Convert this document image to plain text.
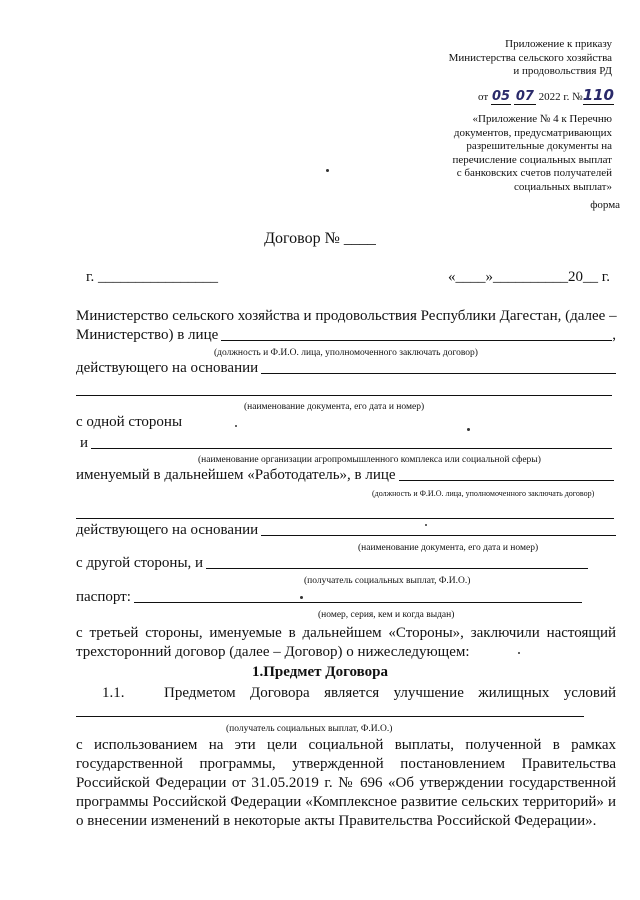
Приложение к приказу
Министерства сельского хозяйства
и продовольствия РД
от 05 07 2022 г. №110
«Приложение № 4 к Перечню
документов, предусматривающих
разрешительные документы на
перечисление социальных выплат
с банковских счетов получателей
социальных выплат»
форма
Договор № ____
г. ________________	«____»__________20__ г.
Министерство сельского хозяйства и продовольствия Республики Дагестан, (далее –
Министерство) в лице	,
(должность и Ф.И.О. лица, уполномоченного заключать договор)
действующего на основании
(наименование документа, его дата и номер)
с одной стороны
и
(наименование организации агропромышленного комплекса или социальной сферы)
именуемый в дальнейшем «Работодатель», в лице
(должность и Ф.И.О. лица, уполномоченного заключать договор)
действующего на основании
(наименование документа, его дата и номер)
с другой стороны, и
(получатель социальных выплат, Ф.И.О.)
паспорт:
(номер, серия, кем и когда выдан)
с третьей стороны, именуемые в дальнейшем «Стороны», заключили настоящий
трехсторонний договор (далее – Договор) о нижеследующем:
1.Предмет Договора
1.1.	Предметом Договора является улучшение жилищных условий
(получатель социальных выплат, Ф.И.О.)
с использованием на эти цели социальной выплаты, полученной в рамках
государственной программы, утвержденной постановлением Правительства
Российской Федерации от 31.05.2019 г. № 696 «Об утверждении государственной
программы Российской Федерации «Комплексное развитие сельских территорий» и
о внесении изменений в некоторые акты Правительства Российской Федерации».
